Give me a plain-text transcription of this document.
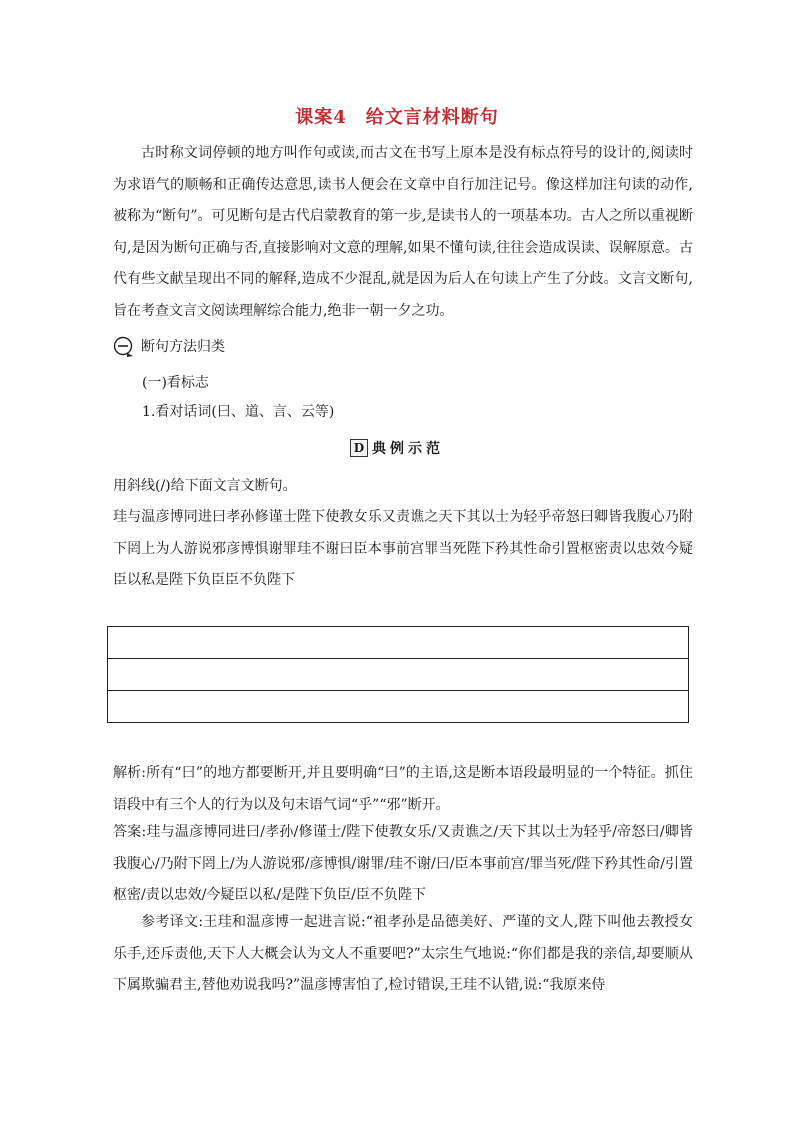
课案4　给文言材料断句

古时称文词停顿的地方叫作句或读,而古文在书写上原本是没有标点符号的设计的,阅读时为求语气的顺畅和正确传达意思,读书人便会在文章中自行加注记号。像这样加注句读的动作,被称为“断句”。可见断句是古代启蒙教育的第一步,是读书人的一项基本功。古人之所以重视断句,是因为断句正确与否,直接影响对文意的理解,如果不懂句读,往往会造成误读、误解原意。古代有些文献呈现出不同的解释,造成不少混乱,就是因为后人在句读上产生了分歧。文言文断句,旨在考查文言文阅读理解综合能力,绝非一朝一夕之功。

断句方法归类
(一)看标志
1.看对话词(曰、道、言、云等)
D 典例示范

用斜线(/)给下面文言文断句。

珪与温彦博同进曰孝孙修谨士陛下使教女乐又责谯之天下其以士为轻乎帝怒曰卿皆我腹心乃附下罔上为人游说邪彦博惧谢罪珪不谢曰臣本事前宫罪当死陛下矜其性命引置枢密责以忠效今疑臣以私是陛下负臣臣不负陛下

解析:所有“曰”的地方都要断开,并且要明确“曰”的主语,这是断本语段最明显的一个特征。抓住语段中有三个人的行为以及句末语气词“乎”“邪”断开。

答案:珪与温彦博同进曰/孝孙/修谨士/陛下使教女乐/又责谯之/天下其以士为轻乎/帝怒曰/卿皆我腹心/乃附下罔上/为人游说邪/彦博惧/谢罪/珪不谢/曰/臣本事前宫/罪当死/陛下矜其性命/引置枢密/责以忠效/今疑臣以私/是陛下负臣/臣不负陛下

参考译文:王珪和温彦博一起进言说:“祖孝孙是品德美好、严谨的文人,陛下叫他去教授女乐手,还斥责他,天下人大概会认为文人不重要吧?”太宗生气地说:“你们都是我的亲信,却要顺从下属欺骗君主,替他劝说我吗?”温彦博害怕了,检讨错误,王珪不认错,说:“我原来侍
